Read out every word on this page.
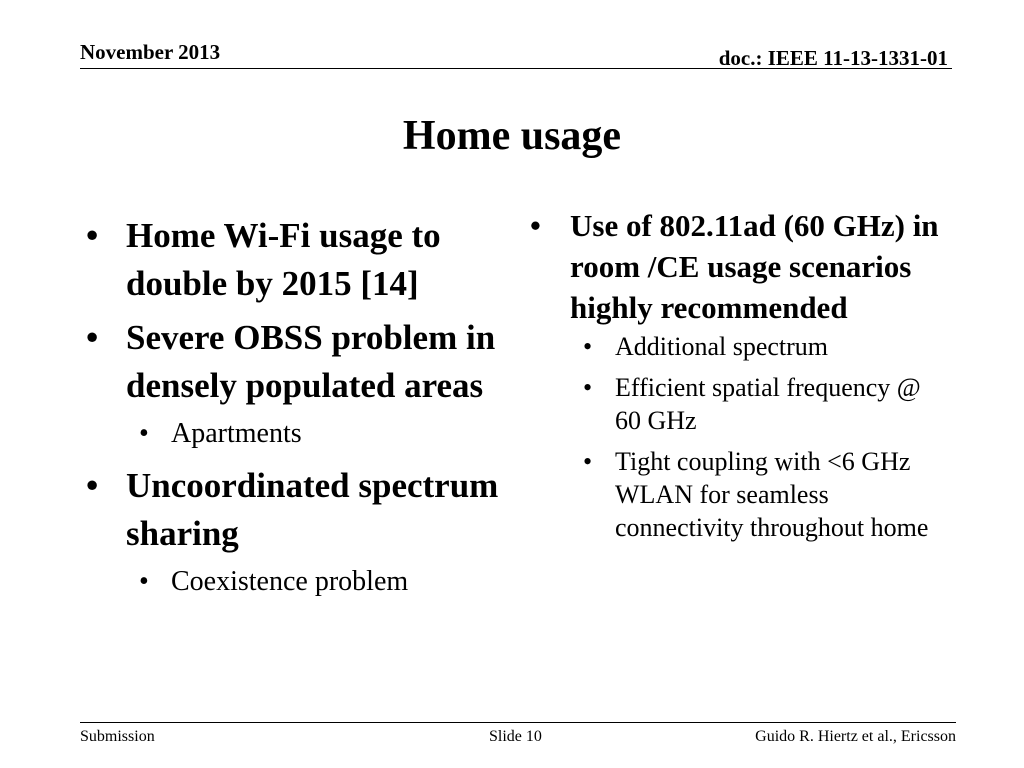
November 2013	doc.: IEEE 11-13-1331-01
Home usage
• Home Wi-Fi usage to double by 2015 [14]
• Severe OBSS problem in densely populated areas
• Apartments
• Uncoordinated spectrum sharing
• Coexistence problem
• Use of 802.11ad (60 GHz) in room /CE usage scenarios highly recommended
• Additional spectrum
• Efficient spatial frequency @ 60 GHz
• Tight coupling with <6 GHz WLAN for seamless connectivity throughout home
Submission	Slide 10	Guido R. Hiertz et al., Ericsson
